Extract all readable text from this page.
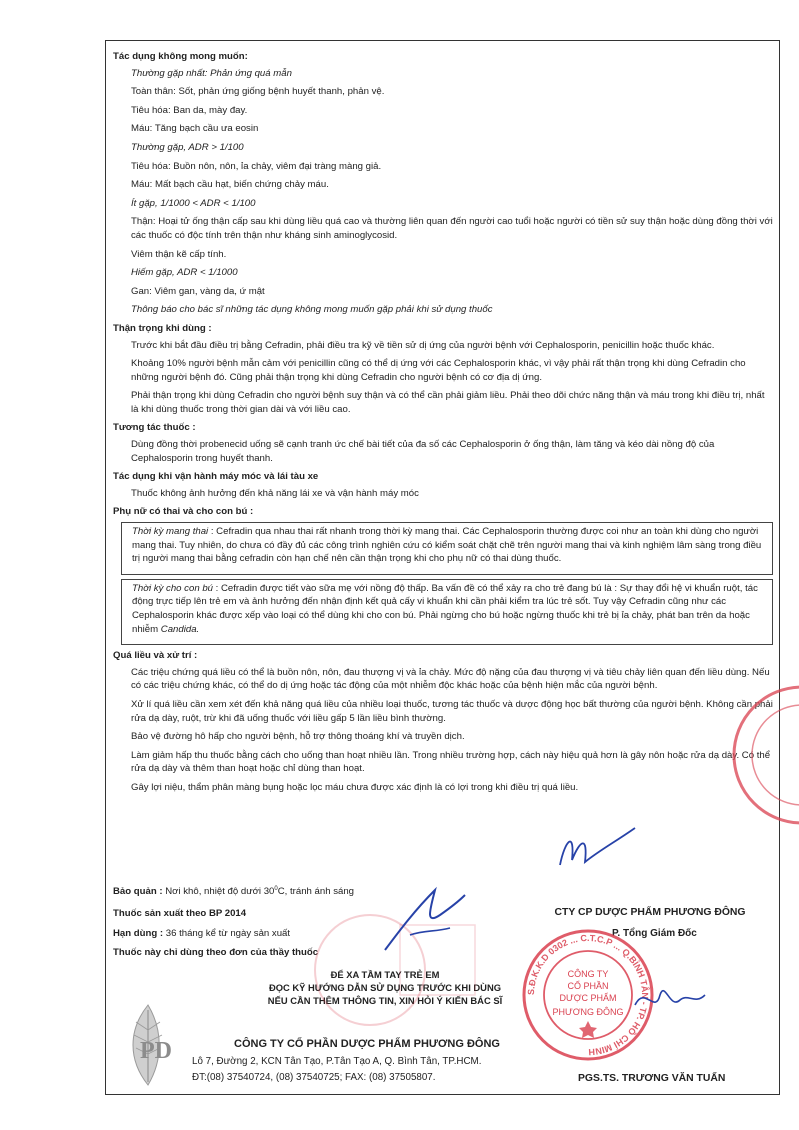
Tác dụng không mong muốn:
Thường gặp nhất: Phản ứng quá mẫn
Toàn thân: Sốt, phản ứng giống bệnh huyết thanh, phản vệ.
Tiêu hóa: Ban da, mày đay.
Máu: Tăng bạch cầu ưa eosin
Thường gặp, ADR > 1/100
Tiêu hóa: Buồn nôn, nôn, ỉa chảy, viêm đại tràng màng giả.
Máu: Mất bạch cầu hạt, biến chứng chảy máu.
Ít gặp, 1/1000 < ADR < 1/100
Thận: Hoại tử ống thận cấp sau khi dùng liều quá cao và thường liên quan đến người cao tuổi hoặc người có tiền sử suy thận hoặc dùng đồng thời với các thuốc có độc tính trên thận như kháng sinh aminoglycosid.
Viêm thận kẽ cấp tính.
Hiếm gặp, ADR < 1/1000
Gan: Viêm gan, vàng da, ứ mật
Thông báo cho bác sĩ những tác dụng không mong muốn gặp phải khi sử dụng thuốc
Thận trọng khi dùng :
Trước khi bắt đầu điều trị bằng Cefradin, phải điều tra kỹ về tiền sử dị ứng của người bệnh với Cephalosporin, penicillin hoặc thuốc khác.
Khoảng 10% người bệnh mẫn cảm với penicillin cũng có thể dị ứng với các Cephalosporin khác, vì vậy phải rất thận trọng khi dùng Cefradin cho những người bệnh đó. Cũng phải thận trọng khi dùng Cefradin cho người bệnh có cơ địa dị ứng.
Phải thận trọng khi dùng Cefradin cho người bệnh suy thận và có thể cần phải giảm liều. Phải theo dõi chức năng thận và máu trong khi điều trị, nhất là khi dùng thuốc trong thời gian dài và với liều cao.
Tương tác thuốc :
Dùng đồng thời probenecid uống sẽ cạnh tranh ức chế bài tiết của đa số các Cephalosporin ở ống thận, làm tăng và kéo dài nồng độ của Cephalosporin trong huyết thanh.
Tác dụng khi vận hành máy móc và lái tàu xe
Thuốc không ảnh hưởng đến khả năng lái xe và vận hành máy móc
Phụ nữ có thai và cho con bú :
Thời kỳ mang thai : Cefradin qua nhau thai rất nhanh trong thời kỳ mang thai. Các Cephalosporin thường được coi như an toàn khi dùng cho người mang thai. Tuy nhiên, do chưa có đầy đủ các công trình nghiên cứu có kiểm soát chặt chẽ trên người mang thai và kinh nghiệm lâm sàng trong điều trị người mang thai bằng cefradin còn hạn chế nên cần thận trọng khi cho phụ nữ có thai dùng thuốc.
Thời kỳ cho con bú : Cefradin được tiết vào sữa mẹ với nồng độ thấp. Ba vấn đề có thể xảy ra cho trẻ đang bú là : Sự thay đổi hệ vi khuẩn ruột, tác động trực tiếp lên trẻ em và ảnh hưởng đến nhận định kết quả cấy vi khuẩn khi cần phải kiểm tra lúc trẻ sốt. Tuy vậy Cefradin cũng như các Cephalosporin khác được xếp vào loại có thể dùng khi cho con bú. Phải ngừng cho bú hoặc ngừng thuốc khi trẻ bị ỉa chảy, phát ban trên da hoặc nhiễm Candida.
Quá liều và xử trí :
Các triệu chứng quá liều có thể là buồn nôn, nôn, đau thượng vị và ỉa chảy. Mức độ nặng của đau thượng vị và tiêu chảy liên quan đến liều dùng. Nếu có các triệu chứng khác, có thể do dị ứng hoặc tác động của một nhiễm độc khác hoặc của bệnh hiện mắc của người bệnh.
Xử lí quá liều cần xem xét đến khả năng quá liều của nhiều loại thuốc, tương tác thuốc và dược động học bất thường của người bệnh. Không cần phải rửa dạ dày, ruột, trừ khi đã uống thuốc với liều gấp 5 lần liều bình thường.
Bảo vệ đường hô hấp cho người bệnh, hỗ trợ thông thoáng khí và truyền dịch.
Làm giảm hấp thu thuốc bằng cách cho uống than hoạt nhiều lần. Trong nhiều trường hợp, cách này hiệu quả hơn là gây nôn hoặc rửa dạ dày. Có thể rửa dạ dày và thêm than hoạt hoặc chỉ dùng than hoạt.
Gây lợi niệu, thẩm phân màng bụng hoặc lọc máu chưa được xác định là có lợi trong khi điều trị quá liều.
Bảo quản : Nơi khô, nhiệt độ dưới $30^0C$, tránh ánh sáng
Thuốc sản xuất theo BP 2014
Hạn dùng : 36 tháng kể từ ngày sản xuất
Thuốc này chỉ dùng theo đơn của thầy thuốc
ĐỂ XA TẦM TAY TRẺ EM
ĐỌC KỸ HƯỚNG DẪN SỬ DỤNG TRƯỚC KHI DÙNG
NẾU CẦN THÊM THÔNG TIN, XIN HỎI Ý KIẾN BÁC SĨ
PD	CÔNG TY CỔ PHẦN DƯỢC PHẨM PHƯƠNG ĐÔNG
Lô 7, Đường 2, KCN Tân Tạo, P.Tân Tạo A, Q. Bình Tân, TP.HCM.
ĐT:(08) 37540724, (08) 37540725; FAX: (08) 37505807.
CTY CP DƯỢC PHẨM PHƯƠNG ĐÔNG
P. Tổng Giám Đốc
PGS.TS. TRƯƠNG VĂN TUẤN
S.Đ.K.K.D 0302 ... C.T.C.P ... Q.BÌNH TÂN - TP. HỒ CHÍ MINH
CÔNG TY
CỔ PHẦN
DƯỢC PHẨM
PHƯƠNG ĐÔNG
